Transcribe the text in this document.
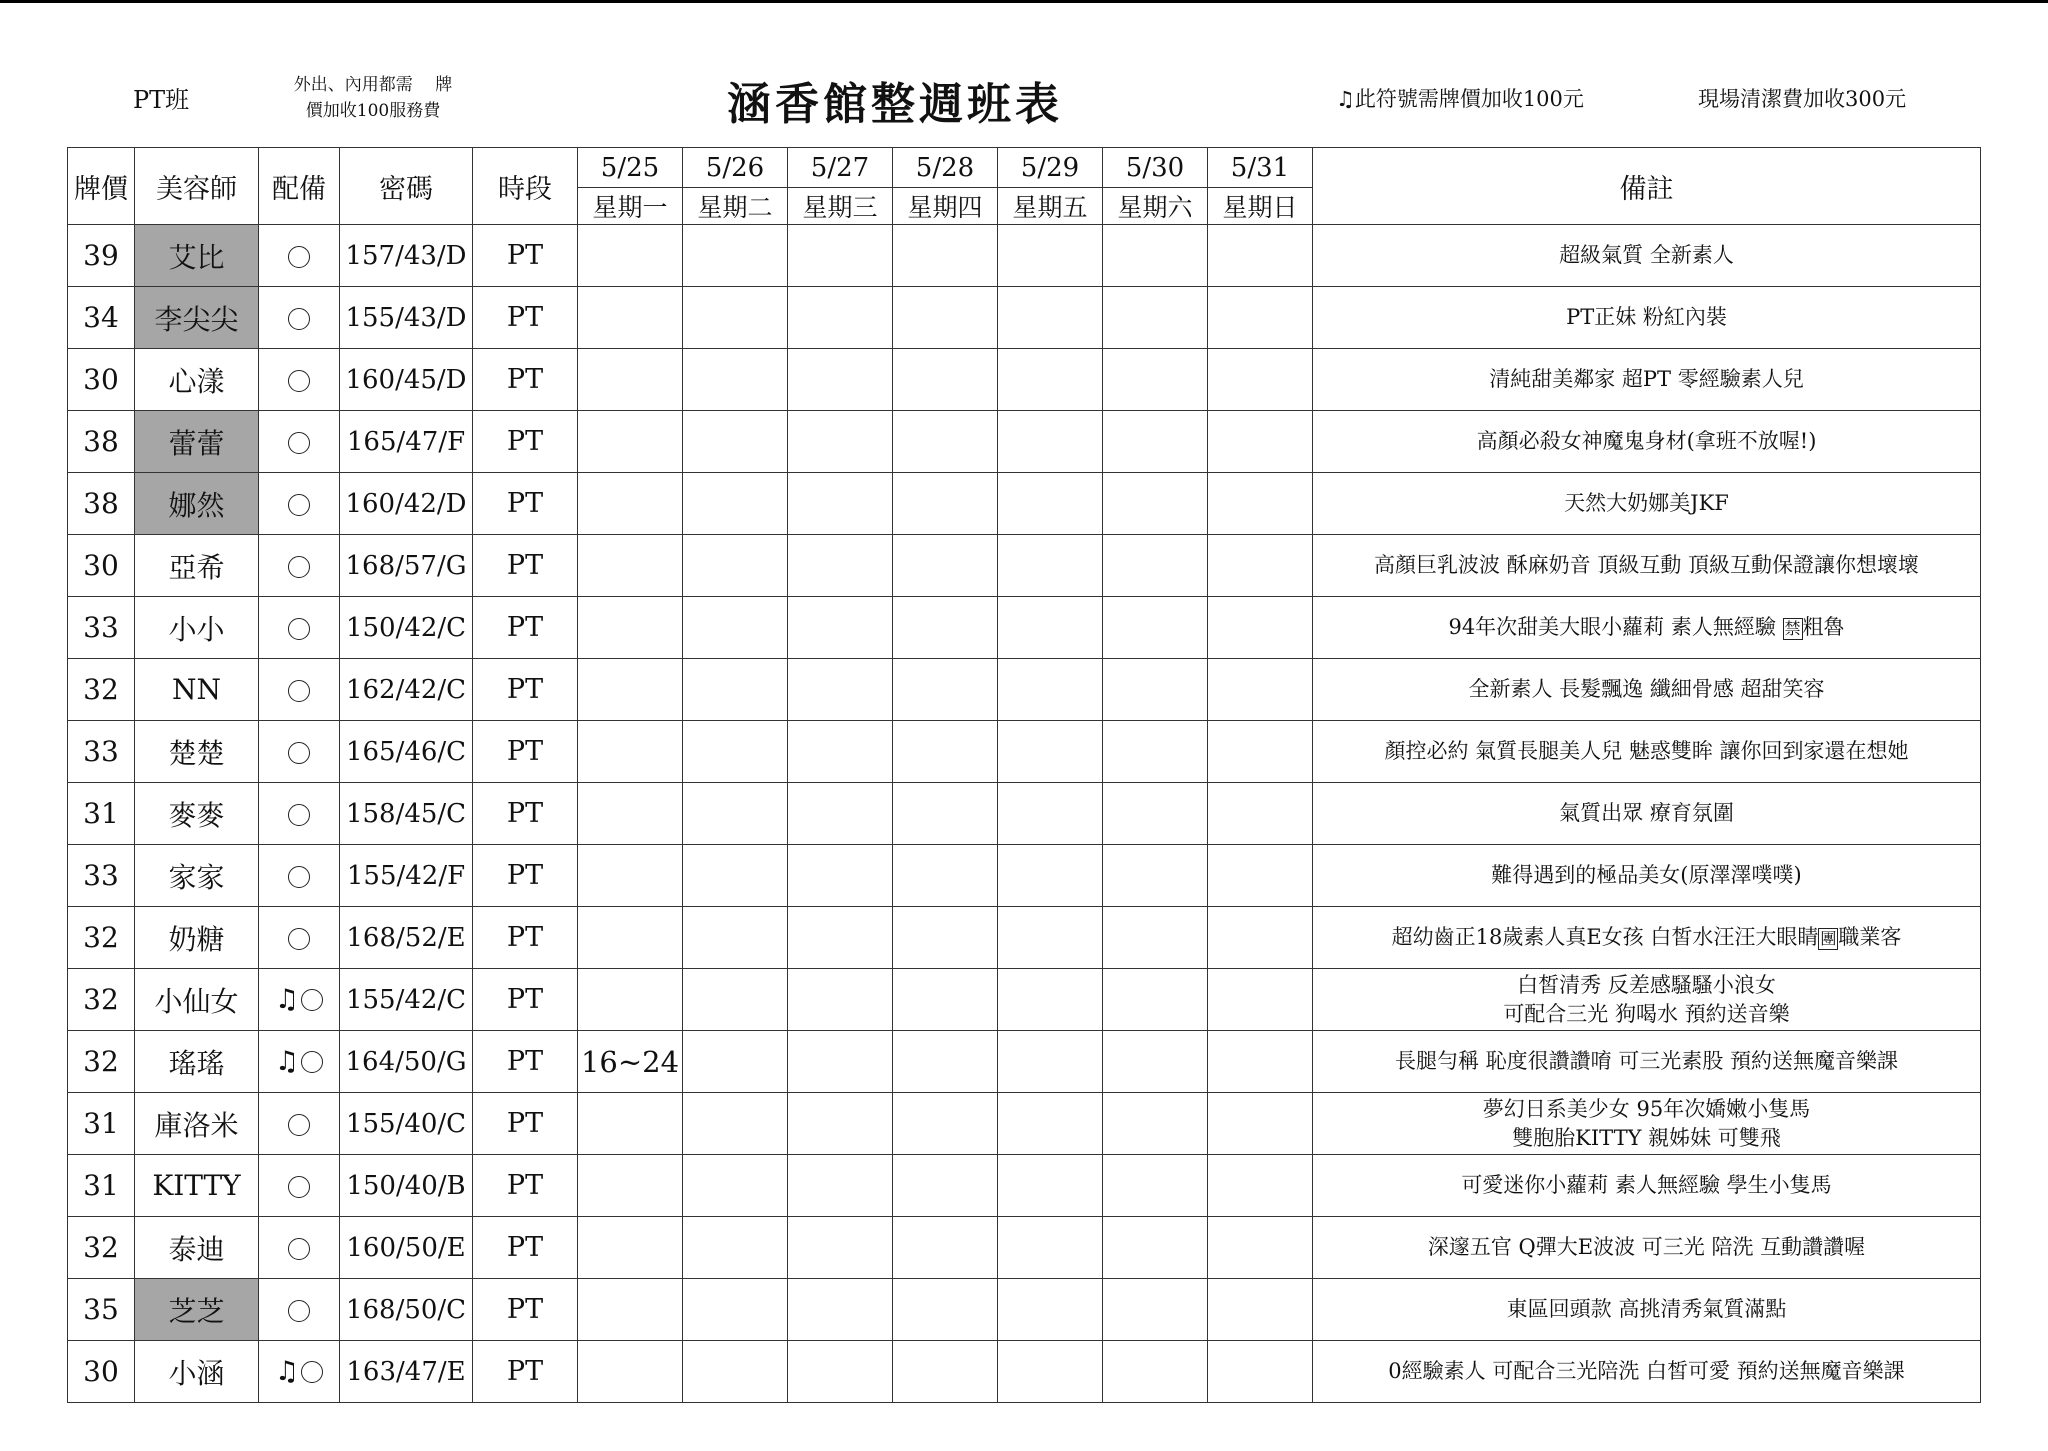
PT班
外出、內用都需　 牌
價加收100服務費	涵香館整週班表	♫此符號需牌價加收100元	現場清潔費加收300元
牌價	美容師	配備	密碼	時段	5/25	5/26	5/27	5/28	5/29	5/30	5/31	備註
					星期一	星期二	星期三	星期四	星期五	星期六	星期日	
39	艾比		157/43/D	PT								超級氣質 全新素人

34	李尖尖		155/43/D	PT								PT正妹 粉紅內裝

30	心漾		160/45/D	PT								清純甜美鄰家 超PT 零經驗素人兒

38	蕾蕾		165/47/F	PT								高顏必殺女神魔鬼身材(拿班不放喔!)

38	娜然		160/42/D	PT								天然大奶娜美JKF

30	亞希		168/57/G	PT								高顏巨乳波波 酥麻奶音 頂級互動 頂級互動保證讓你想壞壞

33	小小		150/42/C	PT								94年次甜美大眼小蘿莉 素人無經驗 禁粗魯

32	NN		162/42/C	PT								全新素人 長髮飄逸 纖細骨感 超甜笑容

33	楚楚		165/46/C	PT								顏控必約 氣質長腿美人兒 魅惑雙眸 讓你回到家還在想她

31	麥麥		158/45/C	PT								氣質出眾 療育氛圍

33	家家		155/42/F	PT								難得遇到的極品美女(原澤澤噗噗)

32	奶糖		168/52/E	PT								超幼齒正18歲素人真E女孩 白皙水汪汪大眼睛 團職業客

32	小仙女	♫	155/42/C	PT								白皙清秀 反差感騷騷小浪女
可配合三光 狗喝水 預約送音樂

32	瑤瑤	♫	164/50/G	PT	16~24							長腿勻稱 恥度很讚讚唷 可三光素股 預約送無魔音樂課

31	庫洛米		155/40/C	PT								夢幻日系美少女 95年次嬌嫩小隻馬
雙胞胎KITTY 親姊妹 可雙飛

31	KITTY		150/40/B	PT								可愛迷你小蘿莉 素人無經驗 學生小隻馬

32	泰迪		160/50/E	PT								深邃五官 Q彈大E波波 可三光 陪洗 互動讚讚喔

35	芝芝		168/50/C	PT								東區回頭款 高挑清秀氣質滿點

30	小涵	♫	163/47/E	PT								0經驗素人 可配合三光陪洗 白皙可愛 預約送無魔音樂課
